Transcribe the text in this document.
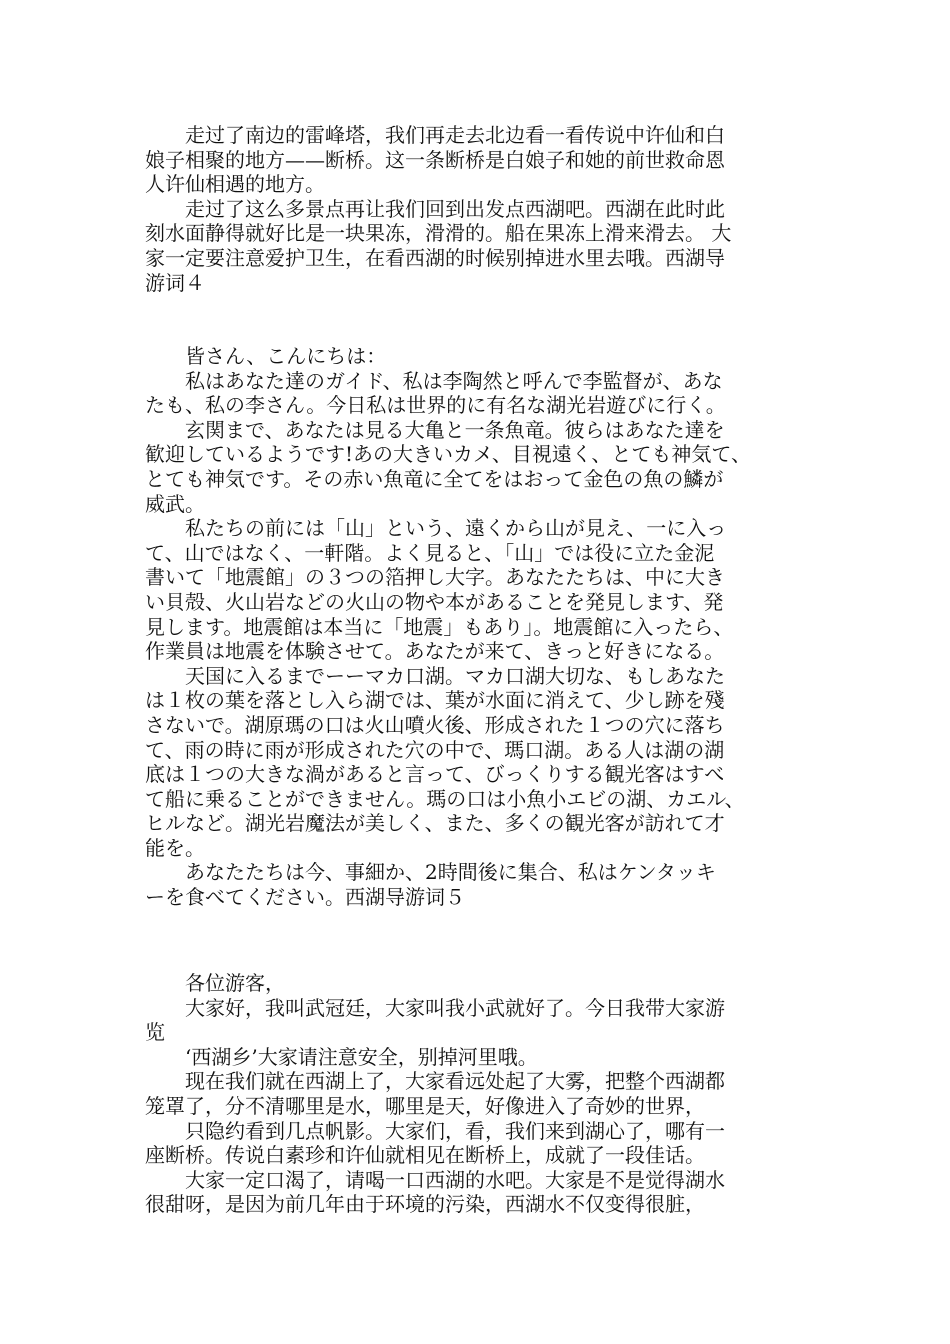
　　走过了南边的雷峰塔，我们再走去北边看一看传说中许仙和白
娘子相聚的地方——断桥。这一条断桥是白娘子和她的前世救命恩
人许仙相遇的地方。
　　走过了这么多景点再让我们回到出发点西湖吧。西湖在此时此
刻水面静得就好比是一块果冻，滑滑的。船在果冻上滑来滑去。 大
家一定要注意爱护卫生，在看西湖的时候别掉进水里去哦。西湖导
游词４

　　皆さん、こんにちは：
　　私はあなた達のガイド、私は李陶然と呼んで李監督が、あな
たも、私の李さん。今日私は世界的に有名な湖光岩遊びに行く。
　　玄関まで、あなたは見る大亀と一条魚竜。彼らはあなた達を
歓迎しているようです!あの大きいカメ、目視遠く、とても神気て、
とても神気です。その赤い魚竜に全てをはおって金色の魚の鱗が
威武。
　　私たちの前には「山」という、遠くから山が見え、一に入っ
て、山ではなく、一軒階。よく見ると、「山」では役に立た金泥
書いて「地震館」の３つの箔押し大字。あなたたちは、中に大き
い貝殻、火山岩などの火山の物や本があることを発見します、発
見します。地震館は本当に「地震」もあり」。地震館に入ったら、
作業員は地震を体験させて。あなたが来て、きっと好きになる。
　　天国に入るまでーーマカ口湖。マカ口湖大切な、もしあなた
は１枚の葉を落とし入ら湖では、葉が水面に消えて、少し跡を殘
さないで。湖原瑪の口は火山噴火後、形成された１つの穴に落ち
て、雨の時に雨が形成された穴の中で、瑪口湖。ある人は湖の湖
底は１つの大きな渦があると言って、びっくりする観光客はすべ
て船に乗ることができません。瑪の口は小魚小エビの湖、カエル、
ヒルなど。湖光岩魔法が美しく、また、多くの観光客が訪れて才
能を。
　　あなたたちは今、事細か、2時間後に集合、私はケンタッキ
ーを食べてください。西湖导游词５

　　各位游客，
　　大家好，我叫武冠廷，大家叫我小武就好了。今日我带大家游
览
　　‘西湖乡’大家请注意安全，别掉河里哦。
　　现在我们就在西湖上了，大家看远处起了大雾，把整个西湖都
笼罩了，分不清哪里是水，哪里是天，好像进入了奇妙的世界，
　　只隐约看到几点帆影。大家们，看，我们来到湖心了，哪有一
座断桥。传说白素珍和许仙就相见在断桥上，成就了一段佳话。
　　大家一定口渴了，请喝一口西湖的水吧。大家是不是觉得湖水
很甜呀，是因为前几年由于环境的污染，西湖水不仅变得很脏，
